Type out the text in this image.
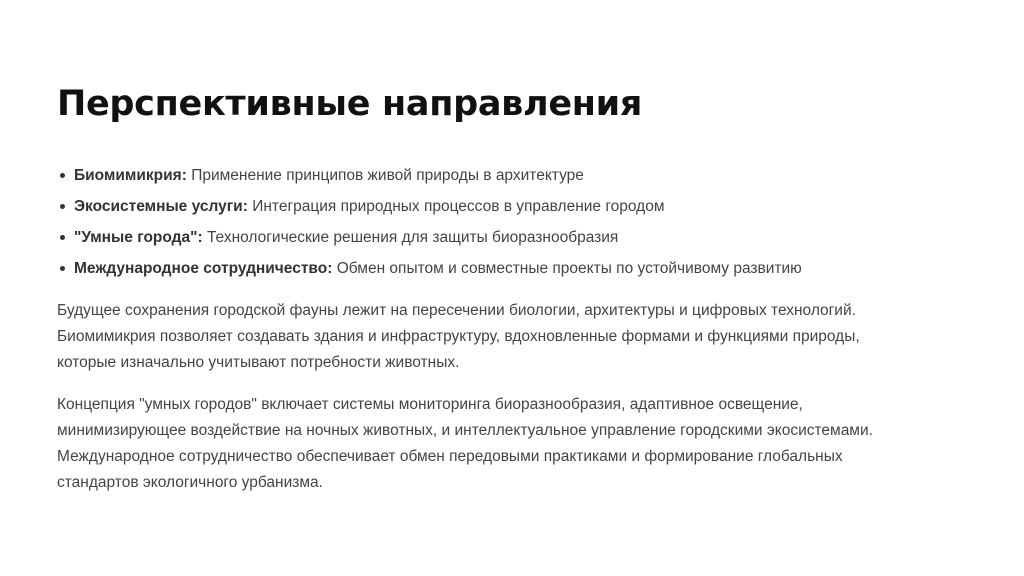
Перспективные направления
Биомимикрия: Применение принципов живой природы в архитектуре
Экосистемные услуги: Интеграция природных процессов в управление городом
"Умные города": Технологические решения для защиты биоразнообразия
Международное сотрудничество: Обмен опытом и совместные проекты по устойчивому развитию

Будущее сохранения городской фауны лежит на пересечении биологии, архитектуры и цифровых технологий.
Биомимикрия позволяет создавать здания и инфраструктуру, вдохновленные формами и функциями природы,
которые изначально учитывают потребности животных.

Концепция "умных городов" включает системы мониторинга биоразнообразия, адаптивное освещение,
минимизирующее воздействие на ночных животных, и интеллектуальное управление городскими экосистемами.
Международное сотрудничество обеспечивает обмен передовыми практиками и формирование глобальных
стандартов экологичного урбанизма.
